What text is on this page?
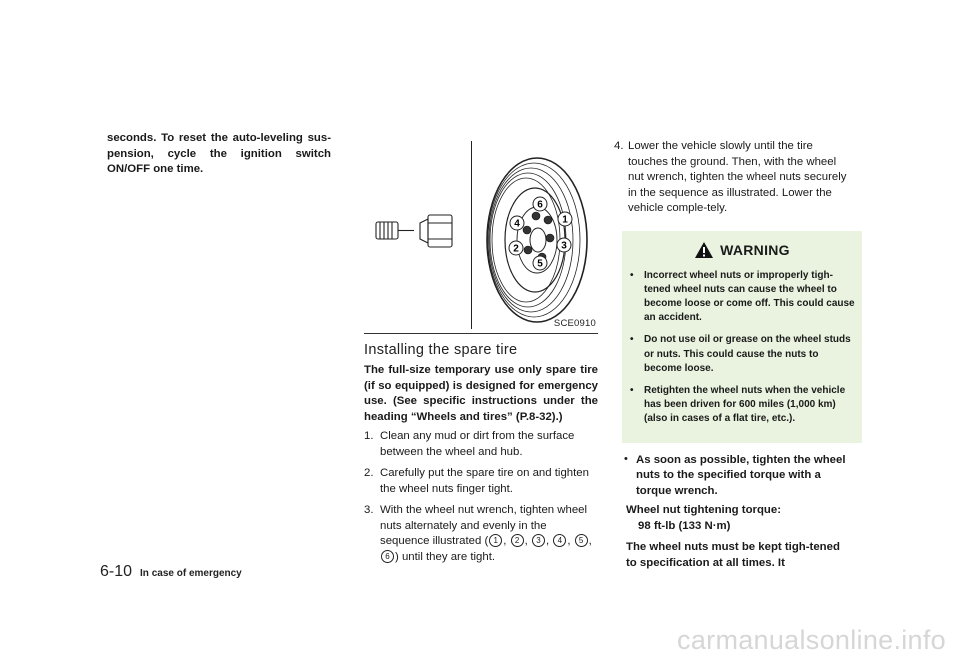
seconds. To reset the auto-leveling sus-pension, cycle the ignition switch ON/OFF one time.

6
1
4
3
2
5
SCE0910
Installing the spare tire

The full-size temporary use only spare tire (if so equipped) is designed for emergency use. (See specific instructions under the heading “Wheels and tires” (P.8-32).)

1. Clean any mud or dirt from the surface between the wheel and hub.
2. Carefully put the spare tire on and tighten the wheel nuts finger tight.
3. With the wheel nut wrench, tighten wheel nuts alternately and evenly in the sequence illustrated ( 1 , 2 , 3 , 4 , 5 , 6 ) until they are tight.
4. Lower the vehicle slowly until the tire touches the ground. Then, with the wheel nut wrench, tighten the wheel nuts securely in the sequence as illustrated. Lower the vehicle comple-tely.
WARNING
• Incorrect wheel nuts or improperly tigh-tened wheel nuts can cause the wheel to become loose or come off. This could cause an accident.
• Do not use oil or grease on the wheel studs or nuts. This could cause the nuts to become loose.
• Retighten the wheel nuts when the vehicle has been driven for 600 miles (1,000 km) (also in cases of a flat tire, etc.).
• As soon as possible, tighten the wheel nuts to the specified torque with a torque wrench.

Wheel nut tightening torque:
98 ft-lb (133 N·m)
The wheel nuts must be kept tigh-tened to specification at all times. It
6-10 In case of emergency
carmanualsonline.info
